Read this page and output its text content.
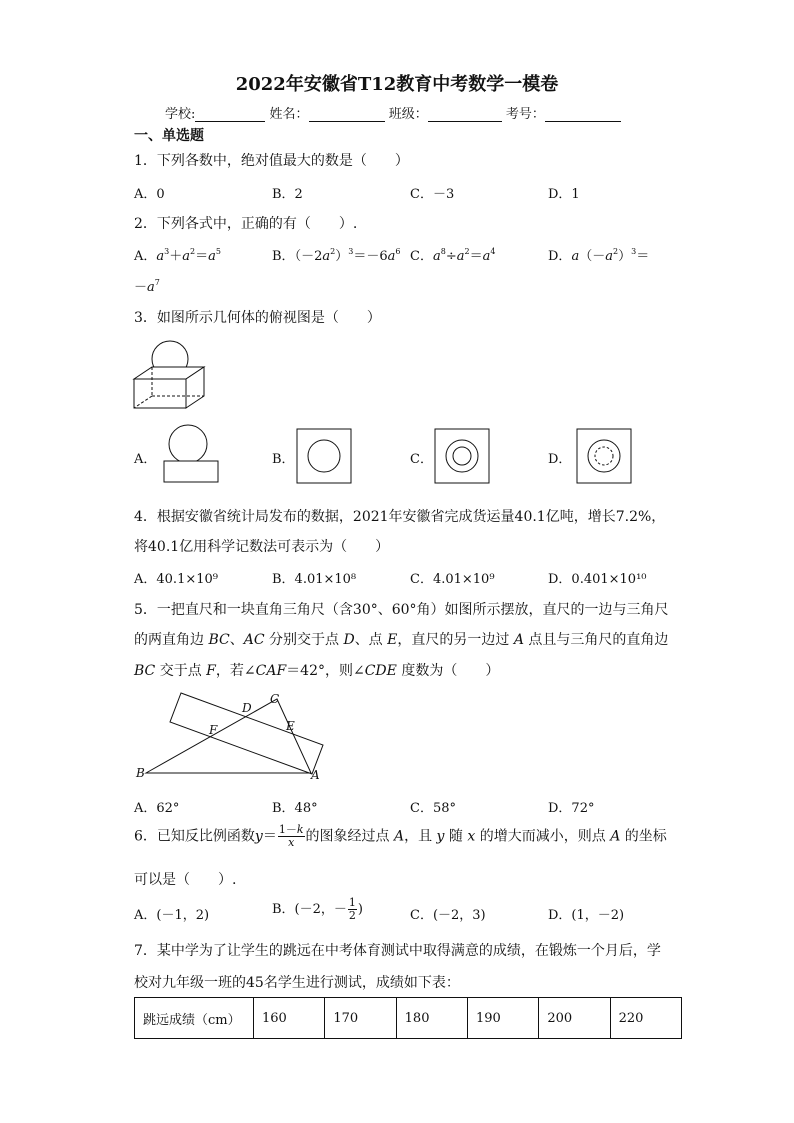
2022年安徽省T12教育中考数学一模卷
学校:	姓名：	班级：	考号：
一、单选题
1．下列各数中，绝对值最大的数是（　　）
A．0	B．2	C．－3	D．1
2．下列各式中，正确的有（　　）.
A．$a^3+a^2=a^5$	B．$(-2a^2)^3=-6a^6$ C．$a^8\div a^2=a^4$	D．$a(-a^2)^3=$
$-a^7$
3．如图所示几何体的俯视图是（　　）
A．	B．	C．	D．
4．根据安徽省统计局发布的数据，2021年安徽省完成货运量40.1亿吨，增长7.2%，
将40.1亿用科学记数法可表示为（　　）
A．40.1×10⁹	B．4.01×10⁸	C．4.01×10⁹	D．0.401×10¹⁰
5．一把直尺和一块直角三角尺（含30°、60°角）如图所示摆放，直尺的一边与三角尺
的两直角边 BC、AC 分别交于点 D、点 E，直尺的另一边过 A 点且与三角尺的直角边
BC 交于点 F，若∠CAF＝42°，则∠CDE 度数为（　　）
D
C
F	E
B	A
A．62°	B．48°	C．58°	D．72°
6．已知反比例函数$y= \frac{1-k}{x}$ 的图象经过点 A，且 y 随 x 的增大而减小，则点 A 的坐标
可以是（　　）.
A．(－1，2)	B．(－2，－ $\frac{1}{2}$ )	C．(－2，3)	D．(1，－2)
7．某中学为了让学生的跳远在中考体育测试中取得满意的成绩，在锻炼一个月后，学
校对九年级一班的45名学生进行测试，成绩如下表：
跳远成绩（cm）	160	170	180	190	200	220
